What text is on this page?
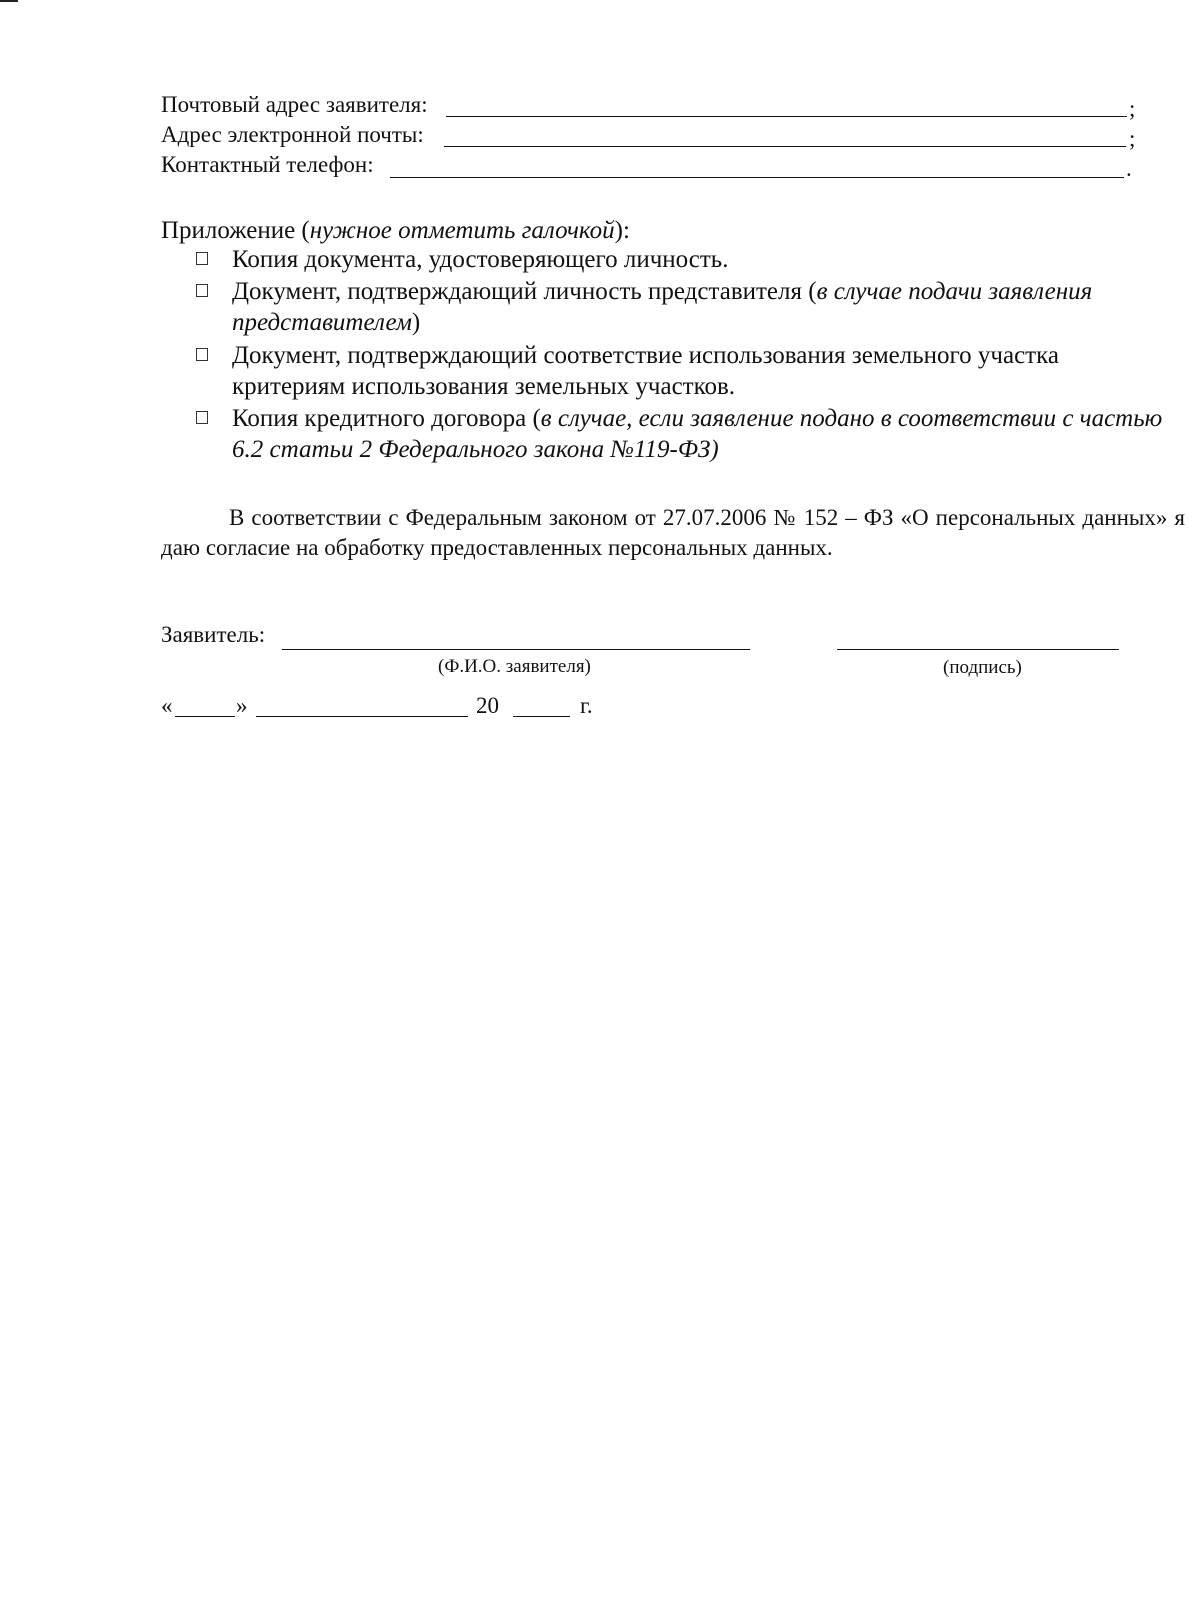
Почтовый адрес заявителя:	;
Адрес электронной почты:	;
Контактный телефон:	.
Приложение (нужное отметить галочкой):
Копия документа, удостоверяющего личность.
Документ, подтверждающий личность представителя (в случае подачи заявления представителем)
Документ, подтверждающий соответствие использования земельного участка критериям использования земельных участков.
Копия кредитного договора (в случае, если заявление подано в соответствии с частью 6.2 статьи 2 Федерального закона №119-ФЗ)
В соответствии с Федеральным законом от 27.07.2006 № 152 – ФЗ «О персональных данных» я даю согласие на обработку предоставленных персональных данных.
Заявитель:
(Ф.И.О. заявителя)	(подпись)
«	»	20	г.
